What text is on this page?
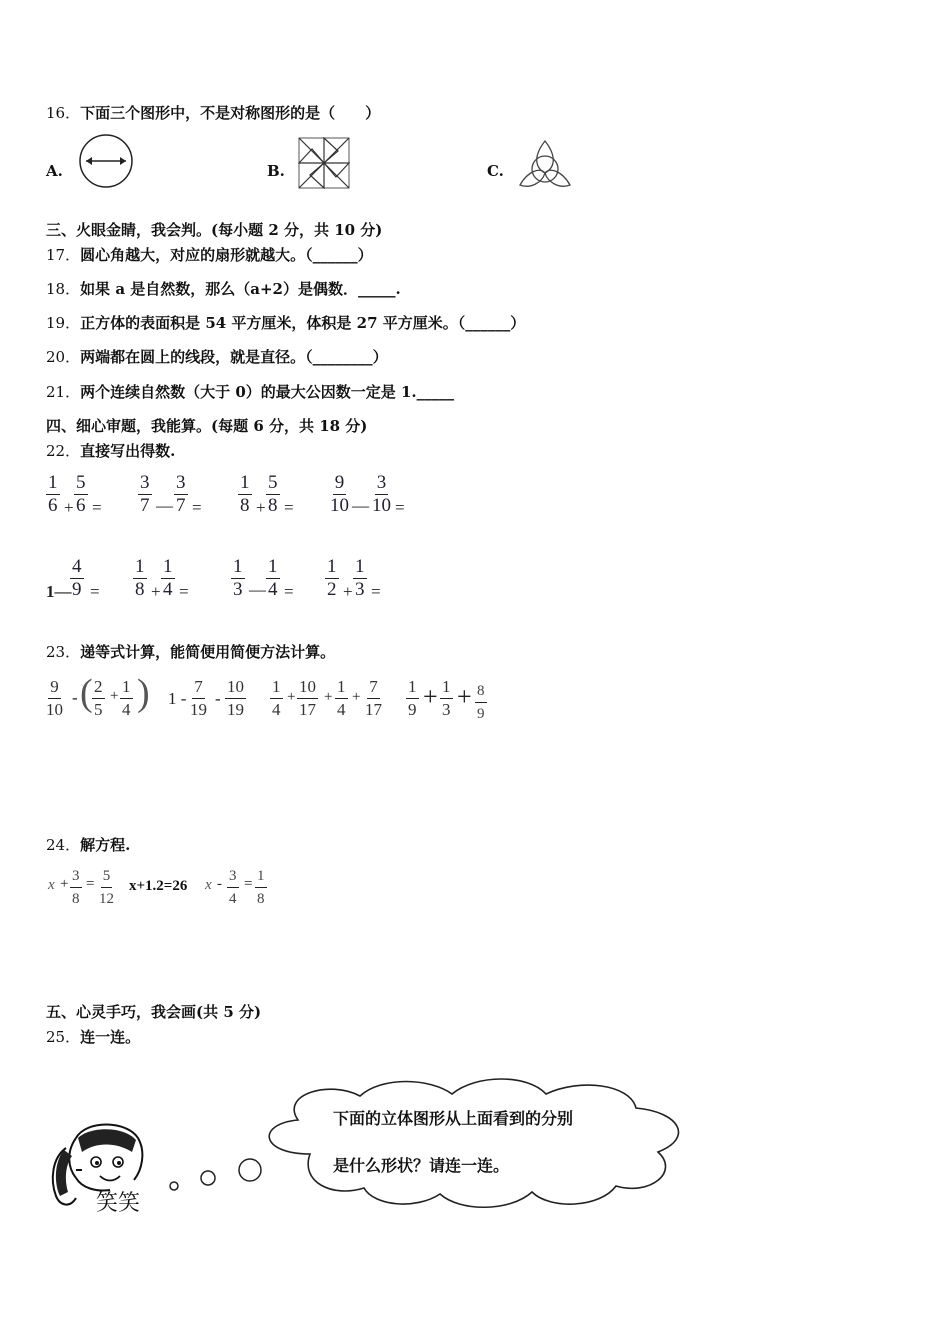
16．下面三个图形中，不是对称图形的是（　　）
A.	B.	C.
三、火眼金睛，我会判。(每小题 2 分，共 10 分)
17．圆心角越大，对应的扇形就越大。（______）
18．如果 a 是自然数，那么（a+2）是偶数．_____.
19．正方体的表面积是 54 平方厘米，体积是 27 平方厘米。（______）
20．两端都在圆上的线段，就是直径。（________）
21．两个连续自然数（大于 0）的最大公因数一定是 1._____
四、细心审题，我能算。(每题 6 分，共 18 分)
22．直接写出得数.
$\frac{1}{6} + \frac{5}{6} = \frac{3}{7}$ — $\frac{3}{7} = \frac{1}{8} + \frac{5}{8} = \frac{9}{10}$ — $\frac{3}{10}$ =
1—
$\frac{4}{9} = \frac{1}{8} + \frac{1}{4} = \frac{1}{3}$ — $\frac{1}{4} = \frac{1}{2} + \frac{1}{3}$ =
23．递等式计算，能简便用简便方法计算。
$\frac{9}{10}$ - ( $\frac{2}{5} + \frac{1}{4}$ ) $1 - \frac{7}{19} - \frac{10}{19} \frac{1}{4} + \frac{10}{17} + \frac{1}{4} + \frac{7}{17} \frac{1}{9} + \frac{1}{3} + \frac{8}{9}$
24．解方程.
$x + \frac{3}{8} = \frac{5}{12} x+1.2=26$ $x - \frac{3}{4} = \frac{1}{8}$
五、心灵手巧，我会画(共 5 分)
25．连一连。
笑笑
下面的立体图形从上面看到的分别
是什么形状？请连一连。
